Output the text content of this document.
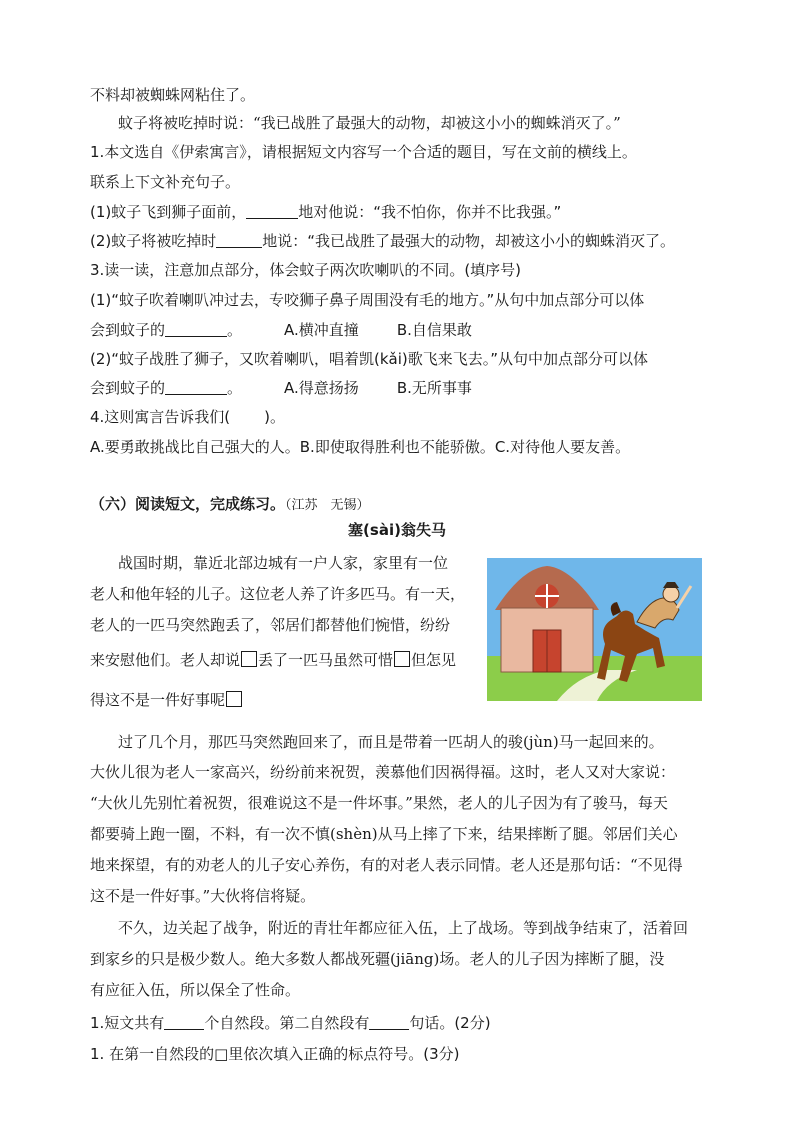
不料却被蜘蛛网粘住了。
蚊子将被吃掉时说：“我已战胜了最强大的动物，却被这小小的蜘蛛消灭了。”
1.本文选自《伊索寓言》，请根据短文内容写一个合适的题目，写在文前的横线上。
联系上下文补充句子。
(1)蚊子飞到狮子面前，	地对他说：“我不怕你，你并不比我强。”
(2)蚊子将被吃掉时	地说：“我已战胜了最强大的动物，却被这小小的蜘蛛消灭了。
3.读一读，注意加点部分，体会蚊子两次吹喇叭的不同。(填序号)
(1)“蚊子吹着喇叭冲过去，专咬狮子鼻子周围没有毛的地方。”从句中加点部分可以体
会到蚊子的	。	A.横冲直撞	B.自信果敢
(2)“蚊子战胜了狮子，又吹着喇叭，唱着凯(kǎi)歌飞来飞去。”从句中加点部分可以体
会到蚊子的	。	A.得意扬扬	B.无所事事
4.这则寓言告诉我们( )。
A.要勇敢挑战比自己强大的人。B.即使取得胜利也不能骄傲。C.对待他人要友善。
（六）阅读短文，完成练习。（江苏　无锡）
塞(sài)翁失马
战国时期，靠近北部边城有一户人家，家里有一位
老人和他年轻的儿子。这位老人养了许多匹马。有一天，
老人的一匹马突然跑丢了，邻居们都替他们惋惜，纷纷
来安慰他们。老人却说 丢了一匹马虽然可惜 但怎见
得这不是一件好事呢
过了几个月，那匹马突然跑回来了，而且是带着一匹胡人的骏(jùn)马一起回来的。
大伙儿很为老人一家高兴，纷纷前来祝贺，羡慕他们因祸得福。这时，老人又对大家说：
“大伙儿先别忙着祝贺，很难说这不是一件坏事。”果然，老人的儿子因为有了骏马，每天
都要骑上跑一圈，不料，有一次不慎(shèn)从马上摔了下来，结果摔断了腿。邻居们关心
地来探望，有的劝老人的儿子安心养伤，有的对老人表示同情。老人还是那句话：“不见得
这不是一件好事。”大伙将信将疑。
不久，边关起了战争，附近的青壮年都应征入伍，上了战场。等到战争结束了，活着回
到家乡的只是极少数人。绝大多数人都战死疆(jiāng)场。老人的儿子因为摔断了腿，没
有应征入伍，所以保全了性命。
1.短文共有	个自然段。第二自然段有	句话。(2分)
1. 在第一自然段的□里依次填入正确的标点符号。(3分)
